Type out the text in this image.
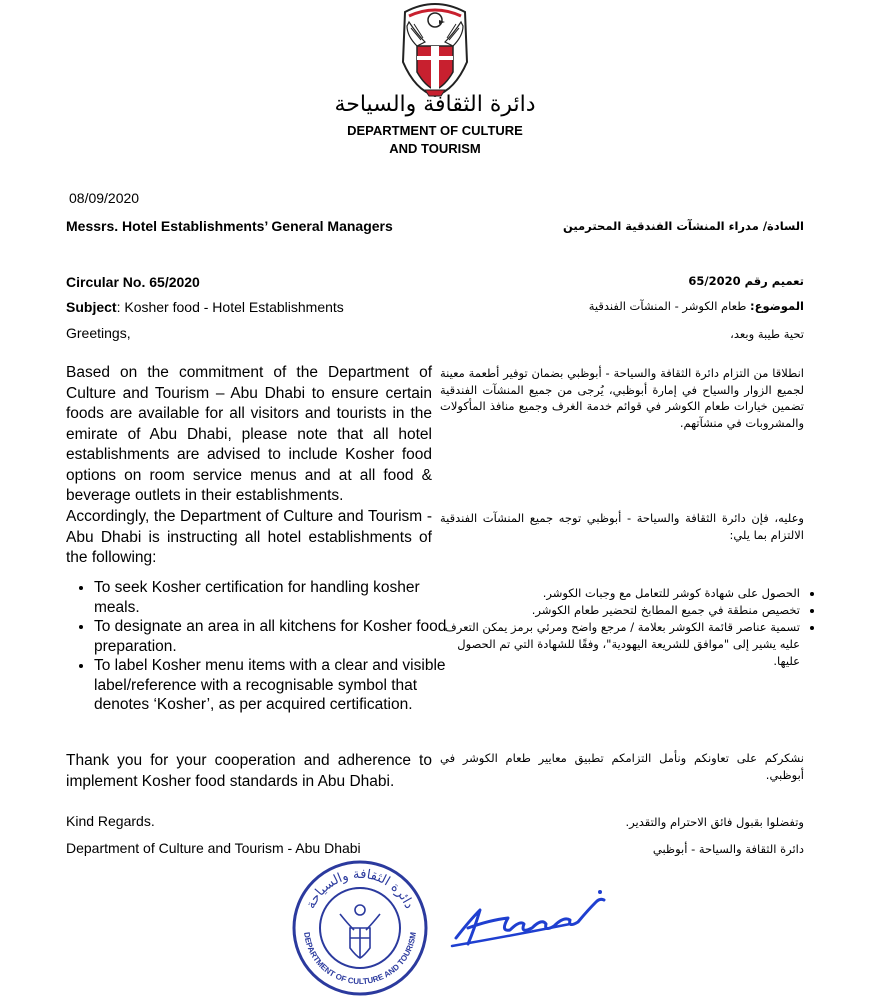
دائرة الثقافة والسياحة
DEPARTMENT OF CULTURE
AND TOURISM
08/09/2020
Messrs. Hotel Establishments’ General Managers	السادة/ مدراء المنشآت الفندقية المحترمين
Circular No. 65/2020	تعميم رقم 65/2020
Subject: Kosher food - Hotel Establishments	الموضوع: طعام الكوشر - المنشآت الفندقية
Greetings,	تحية طيبة وبعد،
Based on the commitment of the Department of Culture and Tourism – Abu Dhabi to ensure certain foods are available for all visitors and tourists in the emirate of Abu Dhabi, please note that all hotel establishments are advised to include Kosher food options on room service menus and at all food & beverage outlets in their establishments.
انطلاقا من التزام دائرة الثقافة والسياحة - أبوظبي بضمان توفير أطعمة معينة لجميع الزوار والسياح في إمارة أبوظبي، يُرجى من جميع المنشآت الفندقية تضمين خيارات طعام الكوشر في قوائم خدمة الغرف وجميع منافذ المأكولات والمشروبات في منشآتهم.
Accordingly, the Department of Culture and Tourism - Abu Dhabi is instructing all hotel establishments of the following:
وعليه، فإن دائرة الثقافة والسياحة - أبوظبي توجه جميع المنشآت الفندقية الالتزام بما يلي:
• To seek Kosher certification for handling kosher meals.
• To designate an area in all kitchens for Kosher food preparation.
• To label Kosher menu items with a clear and visible label/reference with a recognisable symbol that denotes ‘Kosher’, as per acquired certification.
• الحصول على شهادة كوشر للتعامل مع وجبات الكوشر.
• تخصيص منطقة في جميع المطابخ لتحضير طعام الكوشر.
• تسمية عناصر قائمة الكوشر بعلامة / مرجع واضح ومرئي برمز يمكن التعرف عليه يشير إلى "موافق للشريعة اليهودية"، وفقًا للشهادة التي تم الحصول عليها.
Thank you for your cooperation and adherence to implement Kosher food standards in Abu Dhabi.
نشكركم على تعاونكم ونأمل التزامكم تطبيق معايير طعام الكوشر في أبوظبي.
Kind Regards.	وتفضلوا بقبول فائق الاحترام والتقدير.
Department of Culture and Tourism - Abu Dhabi	دائرة الثقافة والسياحة - أبوظبي
دائرة الثقافة والسياحة
DEPARTMENT OF CULTURE AND TOURISM
